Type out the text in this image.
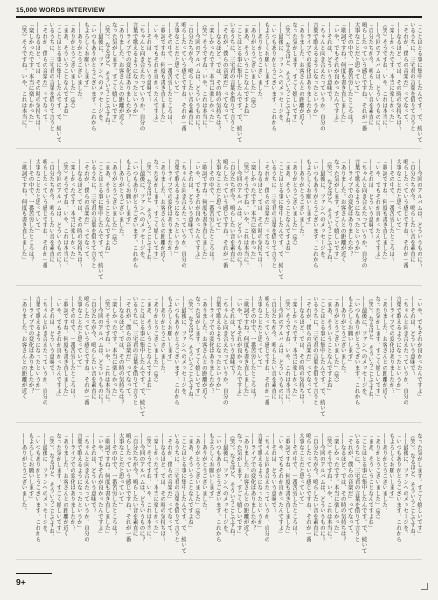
15,000 WORDS INTERVIEW
「ことはとる事に集中したんです。で、続いて
いるうちに、三宅君の言葉を借りて言うと
「それが、僕らの音楽だ」ってなって。
——なるほど。では、その時の気持ちは？
「楽しかったです。本当に楽しかった」
（笑）そうですね。いや、これは本当に。
——今回のアルバムは、どういうものに？
「自分たちが今、鳴らしたい音を素直に
鳴らしたっていう感じですね。それが一番
大事なことだと思っていて」
——その中で、一番苦労したところは？
「歌詞ですね。何度も書き直しました」
「いや、でもそれが良かったんですよ」
——それは、どういう意味で？
「ちゃんと向き合えたっていうか。自分の
言葉で歌えるようになったというか」
——ライブでの変化はありましたか？
「ありました。お客さんとの距離が近く
なった気がします。すごく嬉しいです」
（笑）。なるほど、そういうことですね。
——最後に、ファンへのメッセージを。
「いつもありがとうございます。これから
もよろしくお願いします」
——ありがとうございました。
「ありがとうございました」（笑）
「まあ、そういうことなんですよね」
「ことはとる事に集中したんです。で、続いて
いるうちに、三宅君の言葉を借りて言うと
「それが、僕らの音楽だ」ってなって。
——なるほど。では、その時の気持ちは？
「楽しかったです。本当に楽しかった」
（笑）そうですね。いや、これは本当に。
——今回のアルバムは、どういうものに？
「自分たちが今、鳴らしたい音を素直に
鳴らしたっていう感じですね。それが一番
大事なことだと思っていて」
——その中で、一番苦労したところは？
「歌詞ですね。何度も書き直しました」
「いや、でもそれが良かったんですよ」
——それは、どういう意味で？
「ちゃんと向き合えたっていうか。自分の
言葉で歌えるようになったというか」
——ライブでの変化はありましたか？
「ありました。お客さんとの距離が近く
なった気がします。すごく嬉しいです」
（笑）。なるほど、そういうことですね。
——最後に、ファンへのメッセージを。
「いつもありがとうございます。これから
もよろしくお願いします」
——ありがとうございました。
「ありがとうございました」（笑）
「まあ、そういうことなんですよね」
「ことはとる事に集中したんです。で、続いて
いるうちに、三宅君の言葉を借りて言うと
「それが、僕らの音楽だ」ってなって。
——なるほど。では、その時の気持ちは？
「楽しかったです。本当に楽しかった」
（笑）そうですね。いや、これは本当に。
——今回のアルバムは、どういうものに？
「自分たちが今、鳴らしたい音を素直に
鳴らしたっていう感じですね。それが一番
大事なことだと思っていて」
——その中で、一番苦労したところは？
「歌詞ですね。何度も書き直しました」
「いや、でもそれが良かったんですよ」
——それは、どういう意味で？
「ちゃんと向き合えたっていうか。自分の
言葉で歌えるようになったというか」
——ライブでの変化はありましたか？
「ありました。お客さんとの距離が近く
なった気がします。すごく嬉しいです」
（笑）。なるほど、そういうことですね。
——最後に、ファンへのメッセージを。
「いつもありがとうございます。これから
もよろしくお願いします」
——ありがとうございました。
「ありがとうございました」（笑）
「まあ、そういうことなんですよね」
「ことはとる事に集中したんです。で、続いて
いるうちに、三宅君の言葉を借りて言うと
「それが、僕らの音楽だ」ってなって。
——なるほど。では、その時の気持ちは？
「楽しかったです。本当に楽しかった」
（笑）そうですね。いや、これは本当に。
——今回のアルバムは、どういうものに？
「自分たちが今、鳴らしたい音を素直に
鳴らしたっていう感じですね。それが一番
大事なことだと思っていて」
——その中で、一番苦労したところは？
「歌詞ですね。何度も書き直しました」
「いや、でもそれが良かったんですよ」
——それは、どういう意味で？
「ちゃんと向き合えたっていうか。自分の
言葉で歌えるようになったというか」
——ライブでの変化はありましたか？
「ありました。お客さんとの距離が近く
なった気がします。すごく嬉しいです」
（笑）。なるほど、そういうことですね。
——最後に、ファンへのメッセージを。
「いつもありがとうございます。これから
もよろしくお願いします」
——ありがとうございました。
「ありがとうございました」（笑）
「まあ、そういうことなんですよね」
「ことはとる事に集中したんです。で、続いて
いるうちに、三宅君の言葉を借りて言うと
「それが、僕らの音楽だ」ってなって。
——なるほど。では、その時の気持ちは？
「楽しかったです。本当に楽しかった」
（笑）そうですね。いや、これは本当に。
——今回のアルバムは、どういうものに？
「自分たちが今、鳴らしたい音を素直に
鳴らしたっていう感じですね。それが一番
大事なことだと思っていて」
——その中で、一番苦労したところは？
「歌詞ですね。何度も書き直しました」
「いや、でもそれが良かったんですよ」
——それは、どういう意味で？
「ちゃんと向き合えたっていうか。自分の
言葉で歌えるようになったというか」
——ライブでの変化はありましたか？
「ありました。お客さんとの距離が近く
なった気がします。すごく嬉しいです」
（笑）。なるほど、そういうことですね。
——最後に、ファンへのメッセージを。
「いつもありがとうございます。これから
もよろしくお願いします」
——ありがとうございました。
「ありがとうございました」（笑）
「まあ、そういうことなんですよね」
「ことはとる事に集中したんです。で、続いて
いるうちに、三宅君の言葉を借りて言うと
「それが、僕らの音楽だ」ってなって。
——なるほど。では、その時の気持ちは？
「楽しかったです。本当に楽しかった」
（笑）そうですね。いや、これは本当に。
——今回のアルバムは、どういうものに？
「自分たちが今、鳴らしたい音を素直に
鳴らしたっていう感じですね。それが一番
大事なことだと思っていて」
——その中で、一番苦労したところは？
「歌詞ですね。何度も書き直しました」
「いや、でもそれが良かったんですよ」
——それは、どういう意味で？
「ちゃんと向き合えたっていうか。自分の
言葉で歌えるようになったというか」
——ライブでの変化はありましたか？
「ありました。お客さんとの距離が近く
なった気がします。すごく嬉しいです」
（笑）。なるほど、そういうことですね。
——最後に、ファンへのメッセージを。
「いつもありがとうございます。これから
もよろしくお願いします」
——ありがとうございました。
「ありがとうございました」（笑）
「まあ、そういうことなんですよね」
「ことはとる事に集中したんです。で、続いて
いるうちに、三宅君の言葉を借りて言うと
「それが、僕らの音楽だ」ってなって。
——なるほど。では、その時の気持ちは？
「楽しかったです。本当に楽しかった」
（笑）そうですね。いや、これは本当に。
——今回のアルバムは、どういうものに？
「自分たちが今、鳴らしたい音を素直に
鳴らしたっていう感じですね。それが一番
大事なことだと思っていて」
——その中で、一番苦労したところは？
「歌詞ですね。何度も書き直しました」
「いや、でもそれが良かったんですよ」
——それは、どういう意味で？
「ちゃんと向き合えたっていうか。自分の
言葉で歌えるようになったというか」
——ライブでの変化はありましたか？
「ありました。お客さんとの距離が近く
なった気がします。すごく嬉しいです」
（笑）。なるほど、そういうことですね。
——最後に、ファンへのメッセージを。
「いつもありがとうございます。これから
もよろしくお願いします」
——ありがとうございました。
「ありがとうございました」（笑）
「まあ、そういうことなんですよね」
「ことはとる事に集中したんです。で、続いて
いるうちに、三宅君の言葉を借りて言うと
「それが、僕らの音楽だ」ってなって。
——なるほど。では、その時の気持ちは？
「楽しかったです。本当に楽しかった」
（笑）そうですね。いや、これは本当に。
——今回のアルバムは、どういうものに？
「自分たちが今、鳴らしたい音を素直に
鳴らしたっていう感じですね。それが一番
大事なことだと思っていて」
——その中で、一番苦労したところは？
「歌詞ですね。何度も書き直しました」
「いや、でもそれが良かったんですよ」
——それは、どういう意味で？
「ちゃんと向き合えたっていうか。自分の
言葉で歌えるようになったというか」
——ライブでの変化はありましたか？
「ありました。お客さんとの距離が近く
なった気がします。すごく嬉しいです」
（笑）。なるほど、そういうことですね。
——最後に、ファンへのメッセージを。
「いつもありがとうございます。これから
もよろしくお願いします」
——ありがとうございました。
「ありがとうございました」（笑）
「まあ、そういうことなんですよね」
「ことはとる事に集中したんです。で、続いて
いるうちに、三宅君の言葉を借りて言うと
「それが、僕らの音楽だ」ってなって。
——なるほど。では、その時の気持ちは？
「楽しかったです。本当に楽しかった」
（笑）そうですね。いや、これは本当に。
——今回のアルバムは、どういうものに？
「自分たちが今、鳴らしたい音を素直に
鳴らしたっていう感じですね。それが一番
大事なことだと思っていて」
——その中で、一番苦労したところは？
「歌詞ですね。何度も書き直しました」
「いや、でもそれが良かったんですよ」
——それは、どういう意味で？
「ちゃんと向き合えたっていうか。自分の
言葉で歌えるようになったというか」
——ライブでの変化はありましたか？
「ありました。お客さんとの距離が近く
なった気がします。すごく嬉しいです」
（笑）。なるほど、そういうことですね。
——最後に、ファンへのメッセージを。
「いつもありがとうございます。これから
もよろしくお願いします」
——ありがとうございました。
9+
